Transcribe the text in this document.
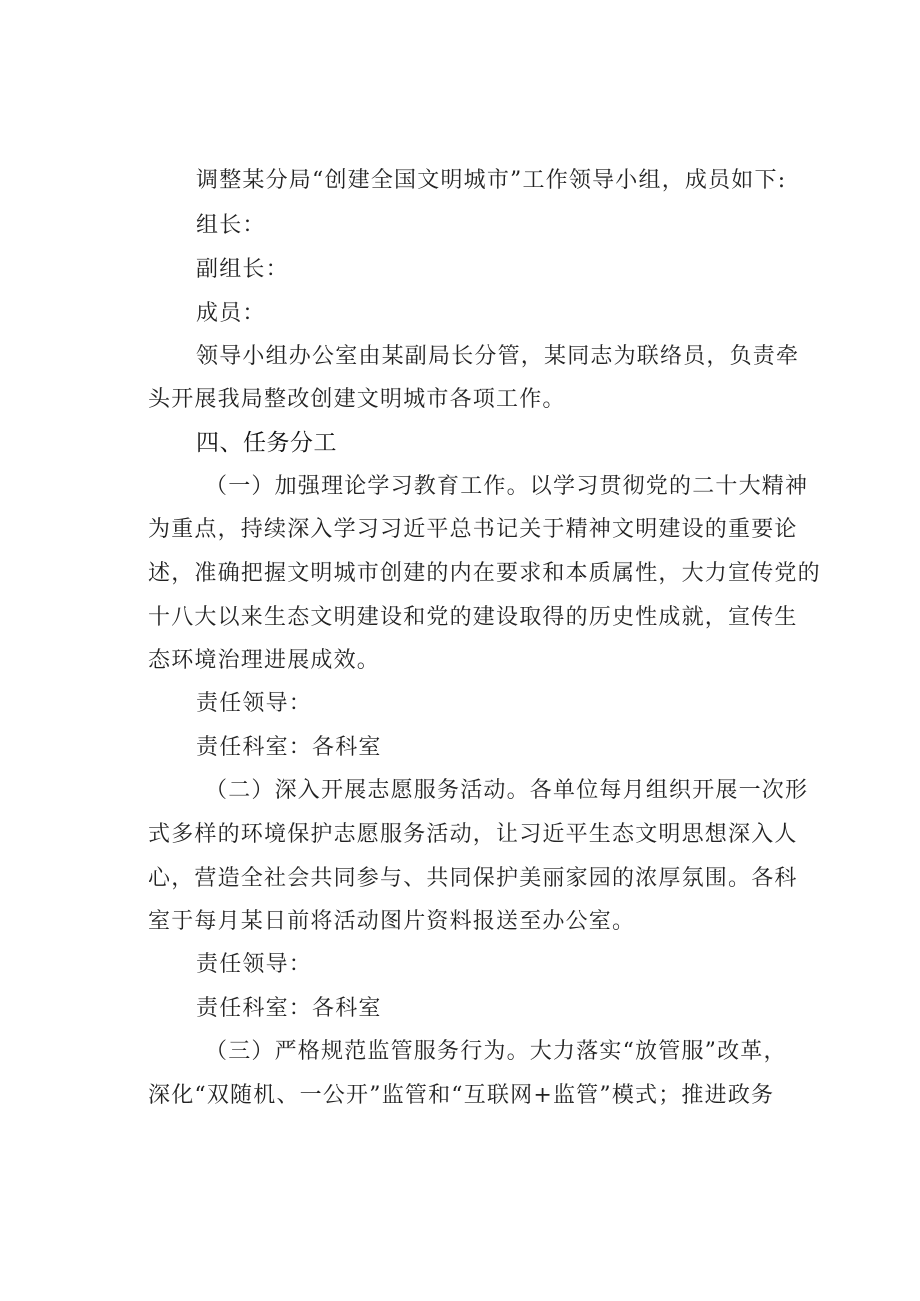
调整某分局“创建全国文明城市”工作领导小组，成员如下:
组长：
副组长：
成员：
领导小组办公室由某副局长分管，某同志为联络员，负责牵
头开展我局整改创建文明城市各项工作。
四、任务分工
（一）加强理论学习教育工作。以学习贯彻党的二十大精神
为重点，持续深入学习习近平总书记关于精神文明建设的重要论
述，准确把握文明城市创建的内在要求和本质属性，大力宣传党的
十八大以来生态文明建设和党的建设取得的历史性成就，宣传生
态环境治理进展成效。
责任领导：
责任科室：各科室
（二）深入开展志愿服务活动。各单位每月组织开展一次形
式多样的环境保护志愿服务活动，让习近平生态文明思想深入人
心，营造全社会共同参与、共同保护美丽家园的浓厚氛围。各科
室于每月某日前将活动图片资料报送至办公室。
责任领导：
责任科室：各科室
（三）严格规范监管服务行为。大力落实“放管服”改革，
深化“双随机、一公开”监管和“互联网+监管”模式；推进政务
